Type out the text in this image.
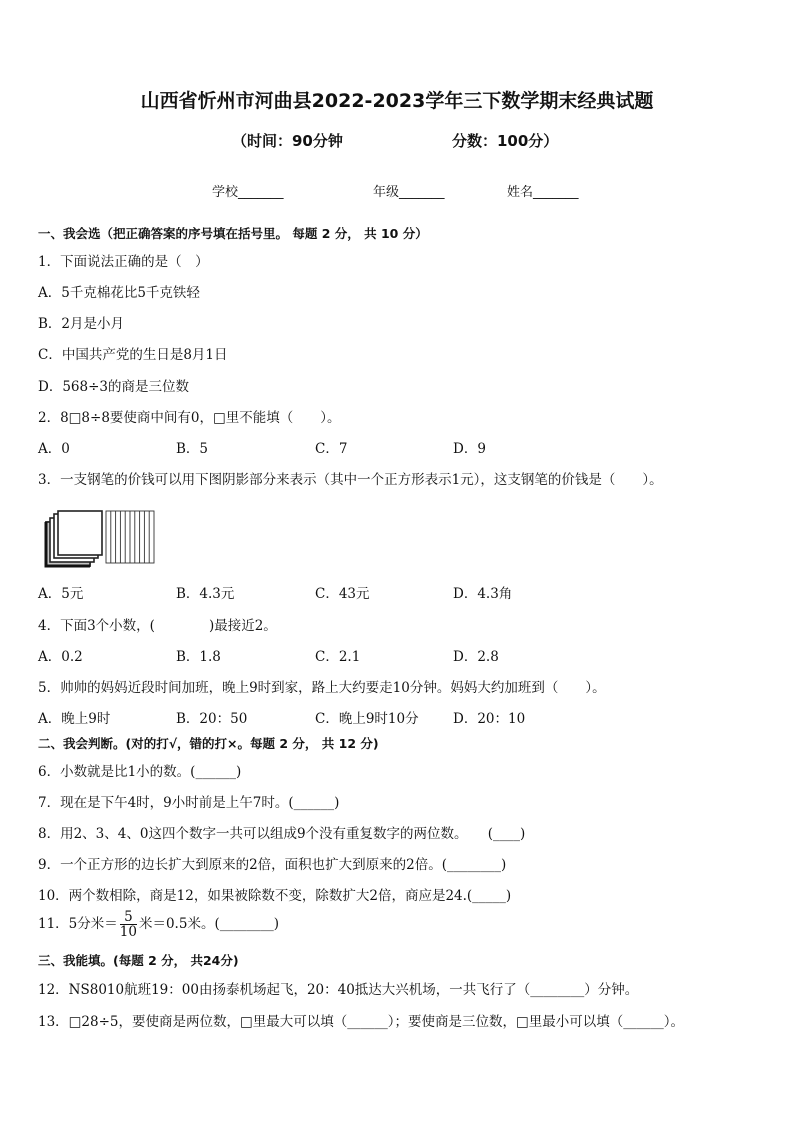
山西省忻州市河曲县2022-2023学年三下数学期末经典试题
（时间：90分钟	分数：100分）
学校_______	年级_______	姓名_______
一、我会选（把正确答案的序号填在括号里。 每题 2 分， 共 10 分）
1．下面说法正确的是（　）
A．5千克棉花比5千克铁轻
B．2月是小月
C．中国共产党的生日是8月1日
D．568÷3的商是三位数
2．8□8÷8要使商中间有0，□里不能填（　　）。
A．0	B．5	C．7	D．9
3．一支钢笔的价钱可以用下图阴影部分来表示（其中一个正方形表示1元），这支钢笔的价钱是（　　）。
A．5元	B．4.3元	C．43元	D．4.3角
4．下面3个小数，(　　　　)最接近2。
A．0.2	B．1.8	C．2.1	D．2.8
5．帅帅的妈妈近段时间加班，晚上9时到家，路上大约要走10分钟。妈妈大约加班到（　　）。
A．晚上9时	B．20：50	C．晚上9时10分	D．20：10
二、我会判断。(对的打√，错的打×。每题 2 分， 共 12 分)
6．小数就是比1小的数。(______)
7．现在是下午4时，9小时前是上午7时。(______)
8．用2、3、4、0这四个数字一共可以组成9个没有重复数字的两位数。　　(____)
9．一个正方形的边长扩大到原来的2倍，面积也扩大到原来的2倍。(________)
10．两个数相除，商是12，如果被除数不变，除数扩大2倍，商应是24.(_____)
11．5分米＝ $\frac{5}{10}$ 米＝0.5米。(________)
三、我能填。(每题 2 分， 共24分)
12．NS8010航班19：00由扬泰机场起飞，20：40抵达大兴机场，一共飞行了（________）分钟。
13．□28÷5，要使商是两位数，□里最大可以填（______）；要使商是三位数，□里最小可以填（______）。
